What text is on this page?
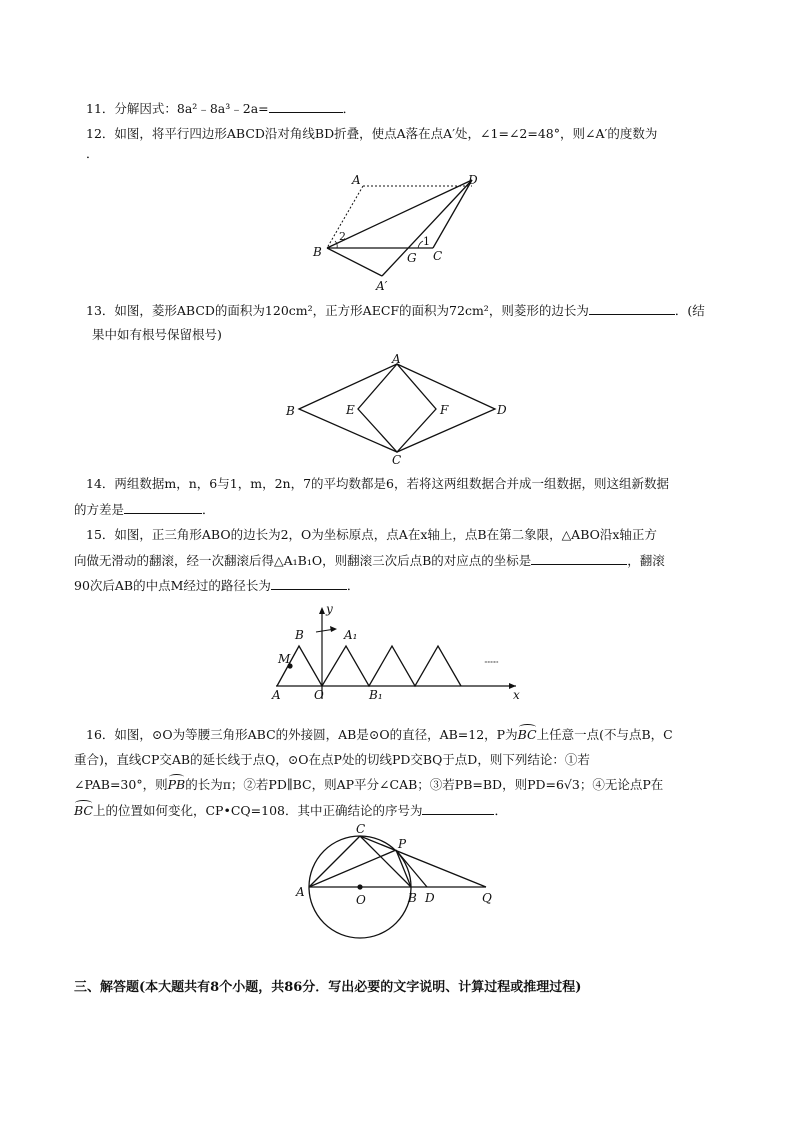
11．分解因式：8a²﹣8a³﹣2a=	．
12．如图，将平行四边形ABCD沿对角线BD折叠，使点A落在点A′处，∠1=∠2=48°，则∠A′的度数为
．
A	D
B	G C
A′
1
2
13．如图，菱形ABCD的面积为120cm²，正方形AECF的面积为72cm²，则菱形的边长为	．(结
果中如有根号保留根号)
A
B
C
D
E	F
14．两组数据m，n，6与1，m，2n，7的平均数都是6，若将这两组数据合并成一组数据，则这组新数据
的方差是	．
15．如图，正三角形ABO的边长为2，O为坐标原点，点A在x轴上，点B在第二象限，△ABO沿x轴正方
向做无滑动的翻滚，经一次翻滚后得△A₁B₁O，则翻滚三次后点B的对应点的坐标是	，翻滚
90次后AB的中点M经过的路径长为	．
x
y
B	A₁
M
A	O	B₁
·········
16．如图，⊙O为等腰三角形ABC的外接圆，AB是⊙O的直径，AB=12，P为BC上任意一点(不与点B，C
重合)，直线CP交AB的延长线于点Q，⊙O在点P处的切线PD交BQ于点D，则下列结论：①若
∠PAB=30°，则PB的长为π；②若PD∥BC，则AP平分∠CAB；③若PB=BD，则PD=6√3；④无论点P在
BC上的位置如何变化，CP•CQ=108．其中正确结论的序号为	．
C
P
A
O	B D	Q
三、解答题(本大题共有8个小题，共86分．写出必要的文字说明、计算过程或推理过程)
